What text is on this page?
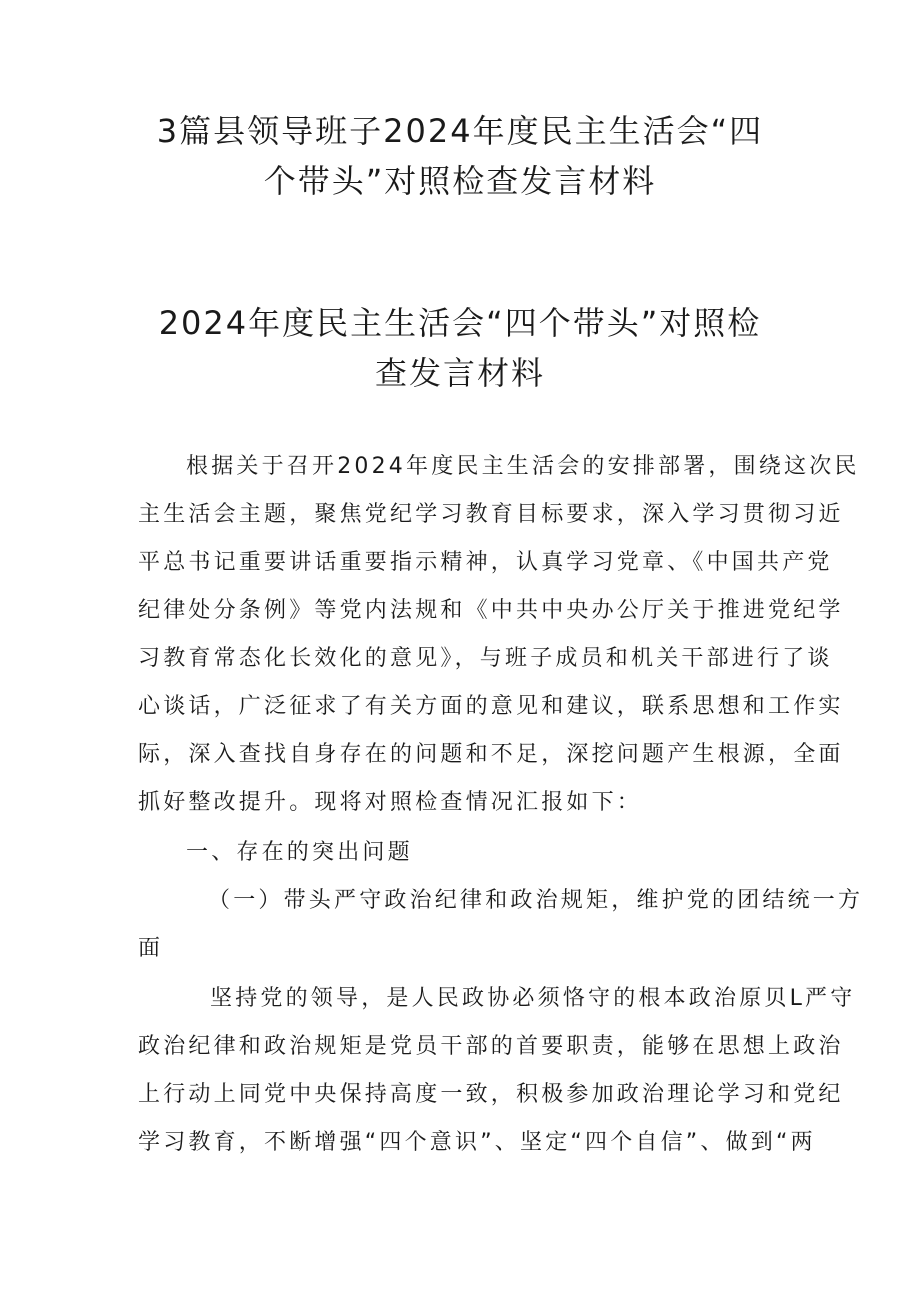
3篇县领导班子2024年度民主生活会“四
个带头”对照检查发言材料
2024年度民主生活会“四个带头”对照检
查发言材料

根据关于召开2024年度民主生活会的安排部署，围绕这次民

主生活会主题，聚焦党纪学习教育目标要求，深入学习贯彻习近

平总书记重要讲话重要指示精神，认真学习党章、《中国共产党

纪律处分条例》等党内法规和《中共中央办公厅关于推进党纪学

习教育常态化长效化的意见》，与班子成员和机关干部进行了谈

心谈话，广泛征求了有关方面的意见和建议，联系思想和工作实

际，深入查找自身存在的问题和不足，深挖问题产生根源，全面

抓好整改提升。现将对照检查情况汇报如下：

一、存在的突出问题

（一）带头严守政治纪律和政治规矩，维护党的团结统一方

面

坚持党的领导，是人民政协必须恪守的根本政治原贝L严守

政治纪律和政治规矩是党员干部的首要职责，能够在思想上政治

上行动上同党中央保持高度一致，积极参加政治理论学习和党纪

学习教育，不断增强“四个意识”、坚定“四个自信”、做到“两
